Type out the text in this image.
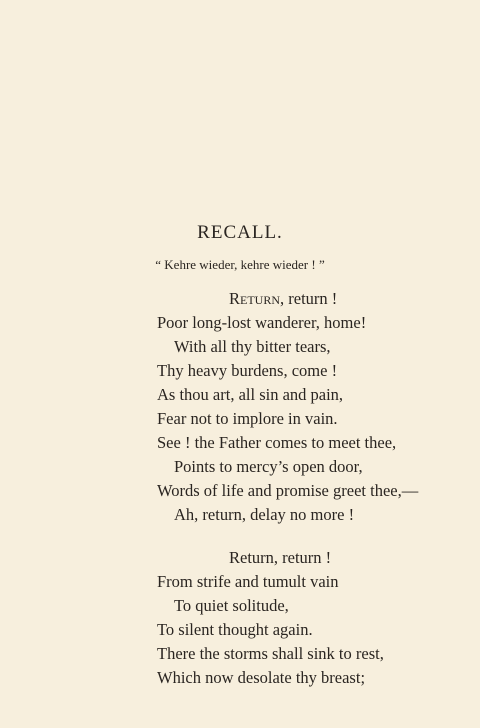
RECALL.
“ Kehre wieder, kehre wieder ! ”
Return, return !
Poor long-lost wanderer, home!
With all thy bitter tears,
Thy heavy burdens, come !
As thou art, all sin and pain,
Fear not to implore in vain.
See ! the Father comes to meet thee,
Points to mercy’s open door,
Words of life and promise greet thee,—
Ah, return, delay no more !
Return, return !
From strife and tumult vain
To quiet solitude,
To silent thought again.
There the storms shall sink to rest,
Which now desolate thy breast;
